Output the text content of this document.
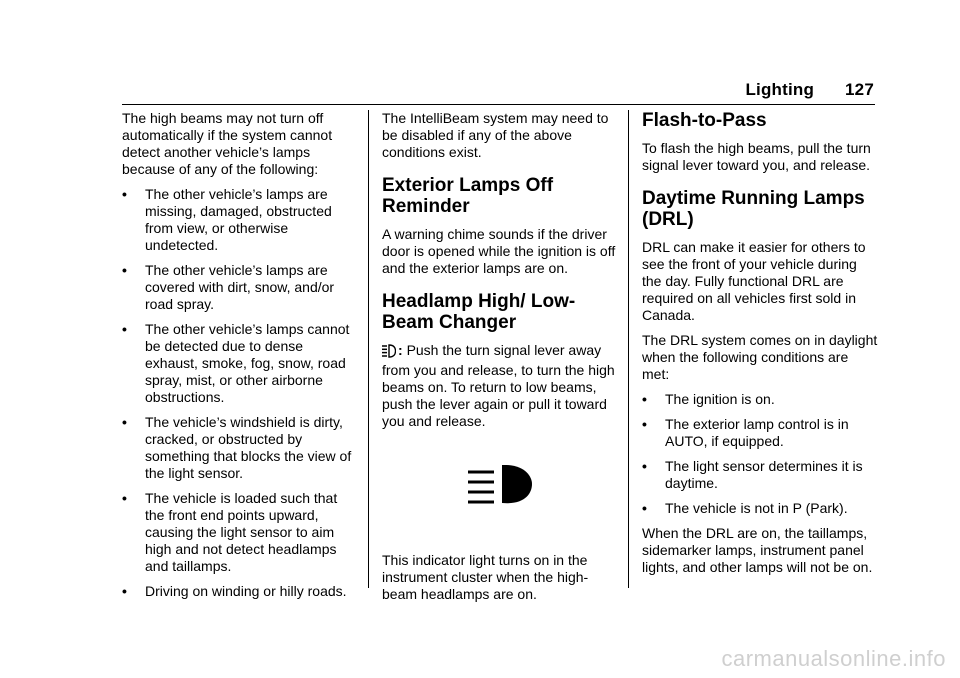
Lighting 127

The high beams may not turn off automatically if the system cannot detect another vehicle’s lamps because of any of the following:

• The other vehicle’s lamps are missing, damaged, obstructed from view, or otherwise undetected.
• The other vehicle’s lamps are covered with dirt, snow, and/or road spray.
• The other vehicle’s lamps cannot be detected due to dense exhaust, smoke, fog, snow, road spray, mist, or other airborne obstructions.
• The vehicle’s windshield is dirty, cracked, or obstructed by something that blocks the view of the light sensor.
• The vehicle is loaded such that the front end points upward, causing the light sensor to aim high and not detect headlamps and taillamps.
• Driving on winding or hilly roads.

The IntelliBeam system may need to be disabled if any of the above conditions exist.

Exterior Lamps Off Reminder

A warning chime sounds if the driver door is opened while the ignition is off and the exterior lamps are on.

Headlamp High/ Low-Beam Changer

: Push the turn signal lever away from you and release, to turn the high beams on. To return to low beams, push the lever again or pull it toward you and release.

This indicator light turns on in the instrument cluster when the high-beam headlamps are on.

Flash-to-Pass

To flash the high beams, pull the turn signal lever toward you, and release.

Daytime Running Lamps (DRL)

DRL can make it easier for others to see the front of your vehicle during the day. Fully functional DRL are required on all vehicles first sold in Canada.

The DRL system comes on in daylight when the following conditions are met:

• The ignition is on.
• The exterior lamp control is in AUTO, if equipped.
• The light sensor determines it is daytime.
• The vehicle is not in P (Park).

When the DRL are on, the taillamps, sidemarker lamps, instrument panel lights, and other lamps will not be on.

carmanualsonline.info
